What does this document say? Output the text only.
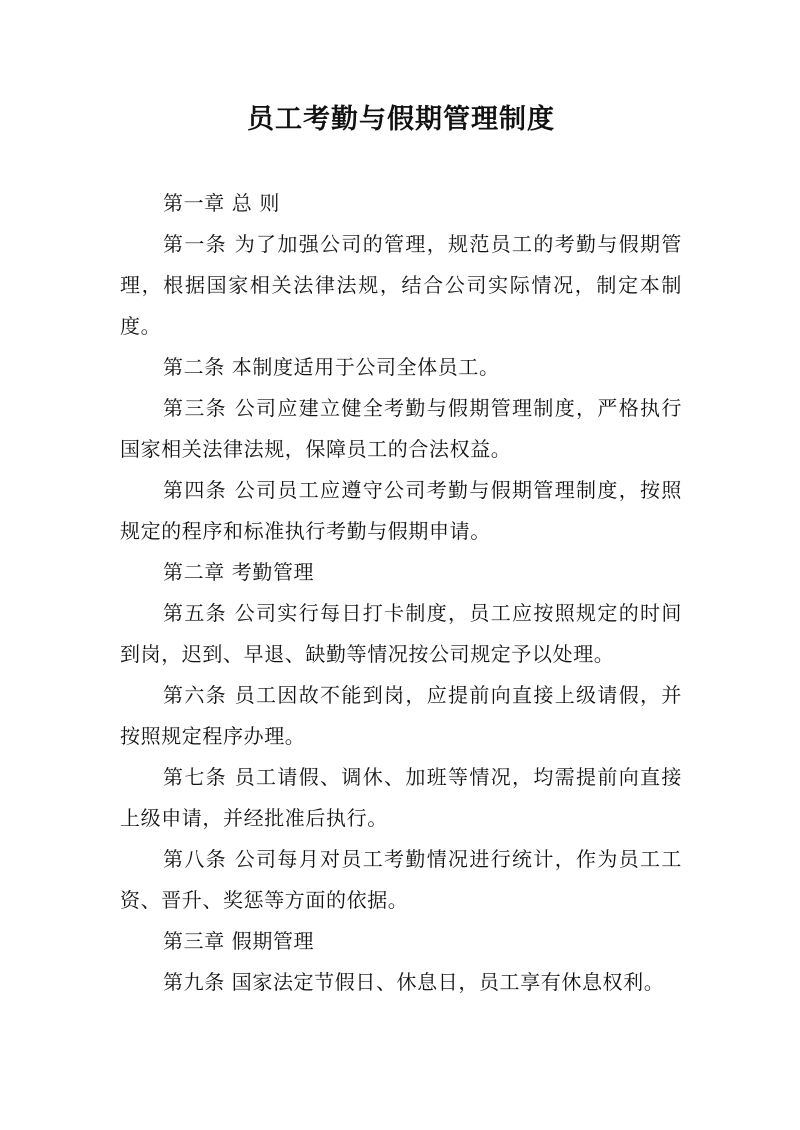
员工考勤与假期管理制度

第一章 总 则

第一条 为了加强公司的管理，规范员工的考勤与假期管理，根据国家相关法律法规，结合公司实际情况，制定本制度。

第二条 本制度适用于公司全体员工。

第三条 公司应建立健全考勤与假期管理制度，严格执行国家相关法律法规，保障员工的合法权益。

第四条 公司员工应遵守公司考勤与假期管理制度，按照规定的程序和标准执行考勤与假期申请。

第二章 考勤管理

第五条 公司实行每日打卡制度，员工应按照规定的时间到岗，迟到、早退、缺勤等情况按公司规定予以处理。

第六条 员工因故不能到岗，应提前向直接上级请假，并按照规定程序办理。

第七条 员工请假、调休、加班等情况，均需提前向直接上级申请，并经批准后执行。

第八条 公司每月对员工考勤情况进行统计，作为员工工资、晋升、奖惩等方面的依据。

第三章 假期管理

第九条 国家法定节假日、休息日，员工享有休息权利。
